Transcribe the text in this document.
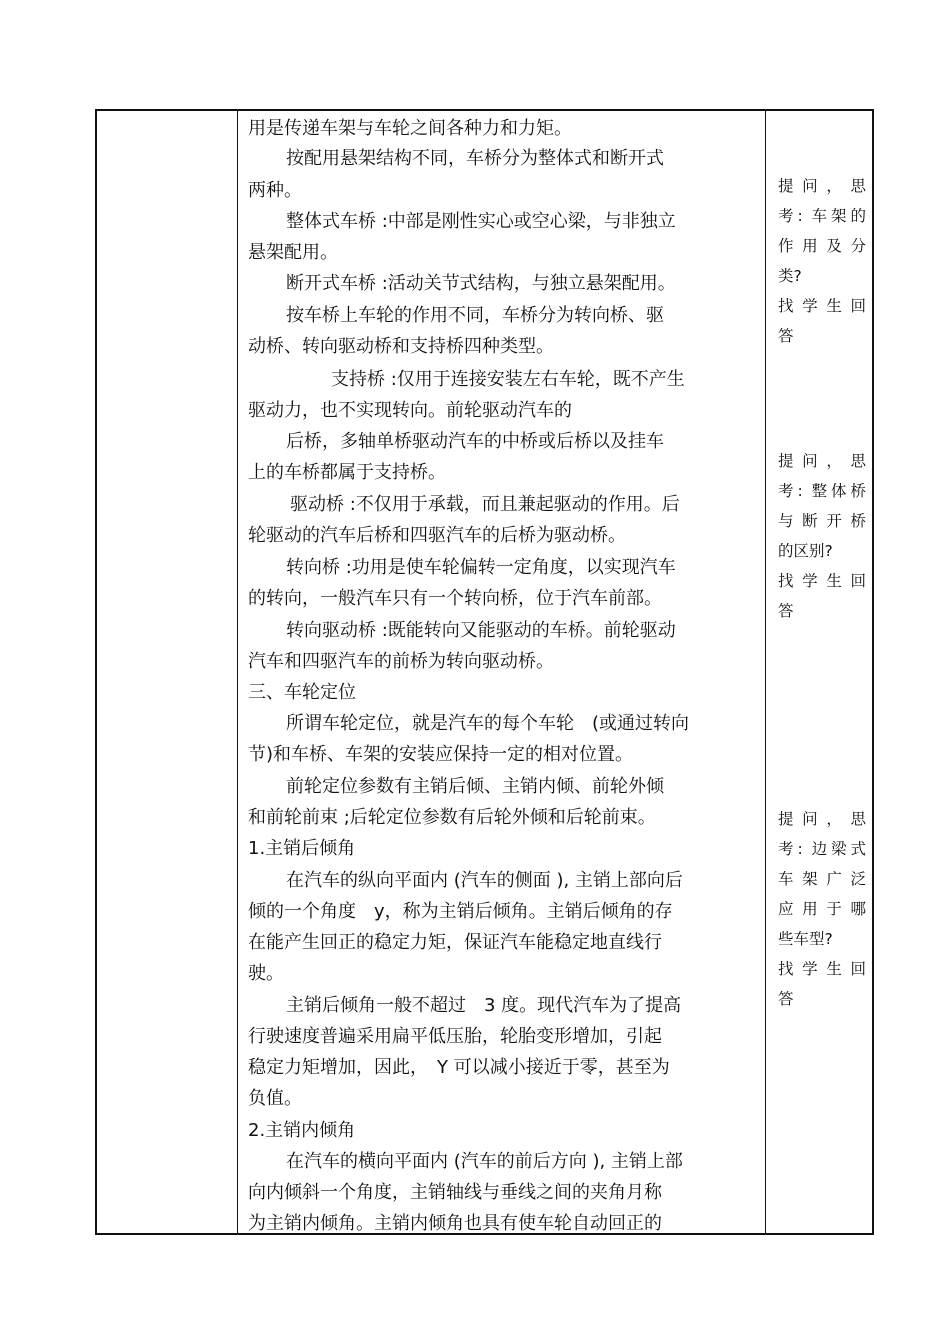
用是传递车架与车轮之间各种力和力矩。
按配用悬架结构不同，车桥分为整体式和断开式
两种。
整体式车桥 :中部是刚性实心或空心梁，与非独立
悬架配用。
断开式车桥 :活动关节式结构，与独立悬架配用。
按车桥上车轮的作用不同，车桥分为转向桥、驱
动桥、转向驱动桥和支持桥四种类型。
支持桥 :仅用于连接安装左右车轮，既不产生
驱动力，也不实现转向。前轮驱动汽车的
后桥，多轴单桥驱动汽车的中桥或后桥以及挂车
上的车桥都属于支持桥。
驱动桥 :不仅用于承载，而且兼起驱动的作用。后
轮驱动的汽车后桥和四驱汽车的后桥为驱动桥。
转向桥 :功用是使车轮偏转一定角度，以实现汽车
的转向，一般汽车只有一个转向桥，位于汽车前部。
转向驱动桥 :既能转向又能驱动的车桥。前轮驱动
汽车和四驱汽车的前桥为转向驱动桥。
三、车轮定位
所谓车轮定位，就是汽车的每个车轮　(或通过转向
节)和车桥、车架的安装应保持一定的相对位置。
前轮定位参数有主销后倾、主销内倾、前轮外倾
和前轮前束 ;后轮定位参数有后轮外倾和后轮前束。
1.主销后倾角
在汽车的纵向平面内 (汽车的侧面 ), 主销上部向后
倾的一个角度　y，称为主销后倾角。主销后倾角的存
在能产生回正的稳定力矩，保证汽车能稳定地直线行
驶。
主销后倾角一般不超过　3 度。现代汽车为了提高
行驶速度普遍采用扁平低压胎，轮胎变形增加，引起
稳定力矩增加，因此，　Y 可以减小接近于零，甚至为
负值。
2.主销内倾角
在汽车的横向平面内 (汽车的前后方向 ), 主销上部
向内倾斜一个角度，主销轴线与垂线之间的夹角月称
为主销内倾角。主销内倾角也具有使车轮自动回正的
提问，思
考: 车架的
作用及分
类?
找学生回
答
提问，思
考: 整体桥
与断开桥
的区别?
找学生回
答
提问，思
考: 边梁式
车架广泛
应用于哪
些车型?
找学生回
答
